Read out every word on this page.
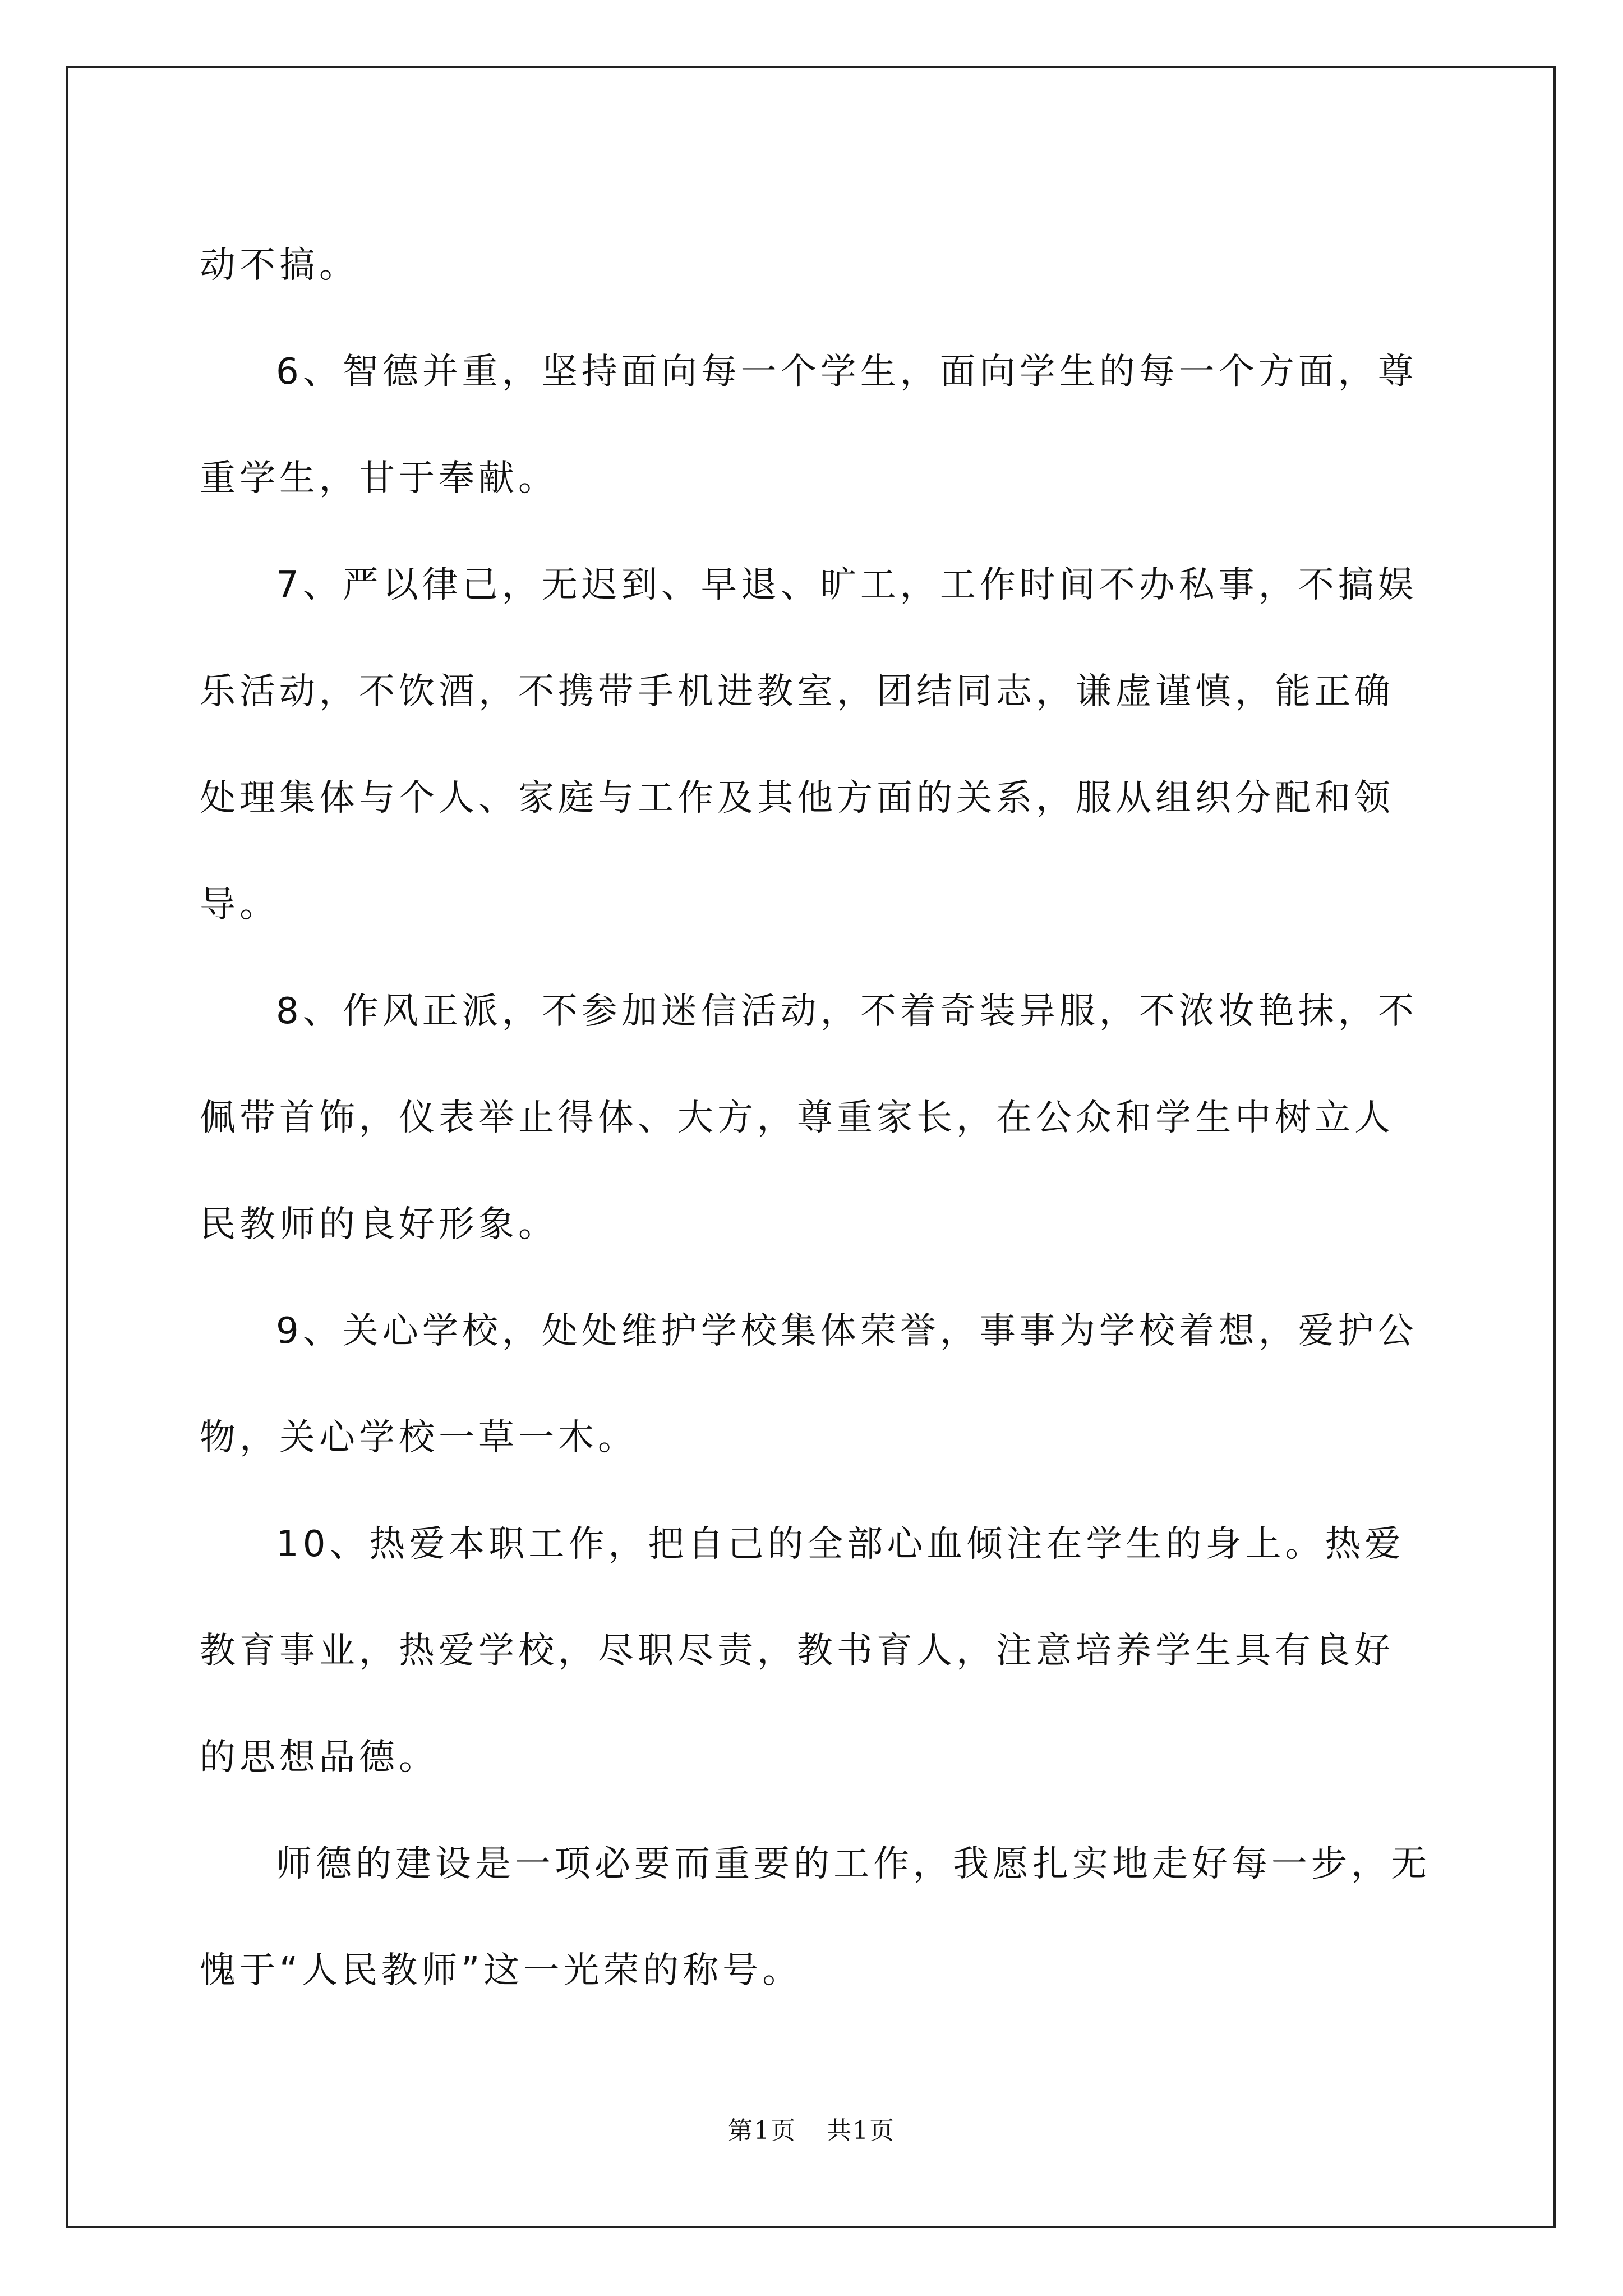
动不搞。

6、智德并重，坚持面向每一个学生，面向学生的每一个方面，尊重学生，甘于奉献。

7、严以律己，无迟到、早退、旷工，工作时间不办私事，不搞娱乐活动，不饮酒，不携带手机进教室，团结同志，谦虚谨慎，能正确处理集体与个人、家庭与工作及其他方面的关系，服从组织分配和领导。

8、作风正派，不参加迷信活动，不着奇装异服，不浓妆艳抹，不佩带首饰，仪表举止得体、大方，尊重家长，在公众和学生中树立人民教师的良好形象。

9、关心学校，处处维护学校集体荣誉，事事为学校着想，爱护公物，关心学校一草一木。

10、热爱本职工作，把自己的全部心血倾注在学生的身上。热爱教育事业，热爱学校，尽职尽责，教书育人，注意培养学生具有良好的思想品德。

师德的建设是一项必要而重要的工作，我愿扎实地走好每一步，无愧于“人民教师”这一光荣的称号。

第1页 共1页
